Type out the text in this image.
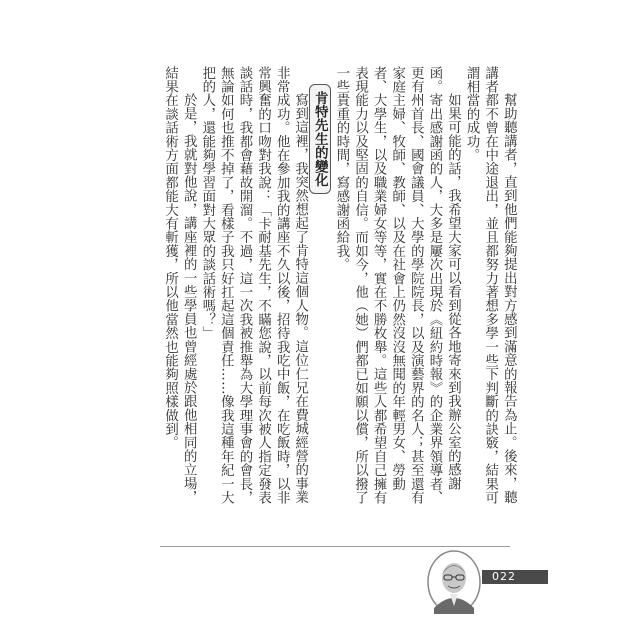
幫助聽講者，直到他們能夠提出對方感到滿意的報告為止。後來，聽講者都不曾在中途退出，並且都努力著想多學一些下判斷的訣竅，結果可謂相當的成功。

如果可能的話，我希望大家可以看到從各地寄來到我辦公室的感謝函。寄出感謝函的人，大多是屢次出現於《紐約時報》的企業界領導者、更有州首長、國會議員、大學的學院院長，以及演藝界的名人；甚至還有家庭主婦、牧師、教師、以及在社會上仍然沒沒無聞的年輕男女、勞動者、大學生，以及職業婦女等等，實在不勝枚舉。這些人都希望自己擁有表現能力以及堅固的自信。而如今，他（她）們都已如願以償，所以撥了一些貴重的時間，寫感謝函給我。

肯特先生的變化

寫到這裡，我突然想起了肯特這個人物。這位仁兄在費城經營的事業非常成功。他在參加我的講座不久以後，招待我吃中飯，在吃飯時，以非常興奮的口吻對我說：「卡耐基先生，不瞞您說，以前每次被人指定發表談話時，我都會藉故開溜。不過，這一次我被推舉為大學理事會的會長，無論如何也推不掉了，看樣子我只好扛起這個責任……像我這種年紀一大把的人，還能夠學習面對大眾的談話術嗎？」

於是，我就對他說，講座裡的一些學員也曾經處於跟他相同的立場，結果在談話術方面都能大有斬獲，所以他當然也能夠照樣做到。

022
